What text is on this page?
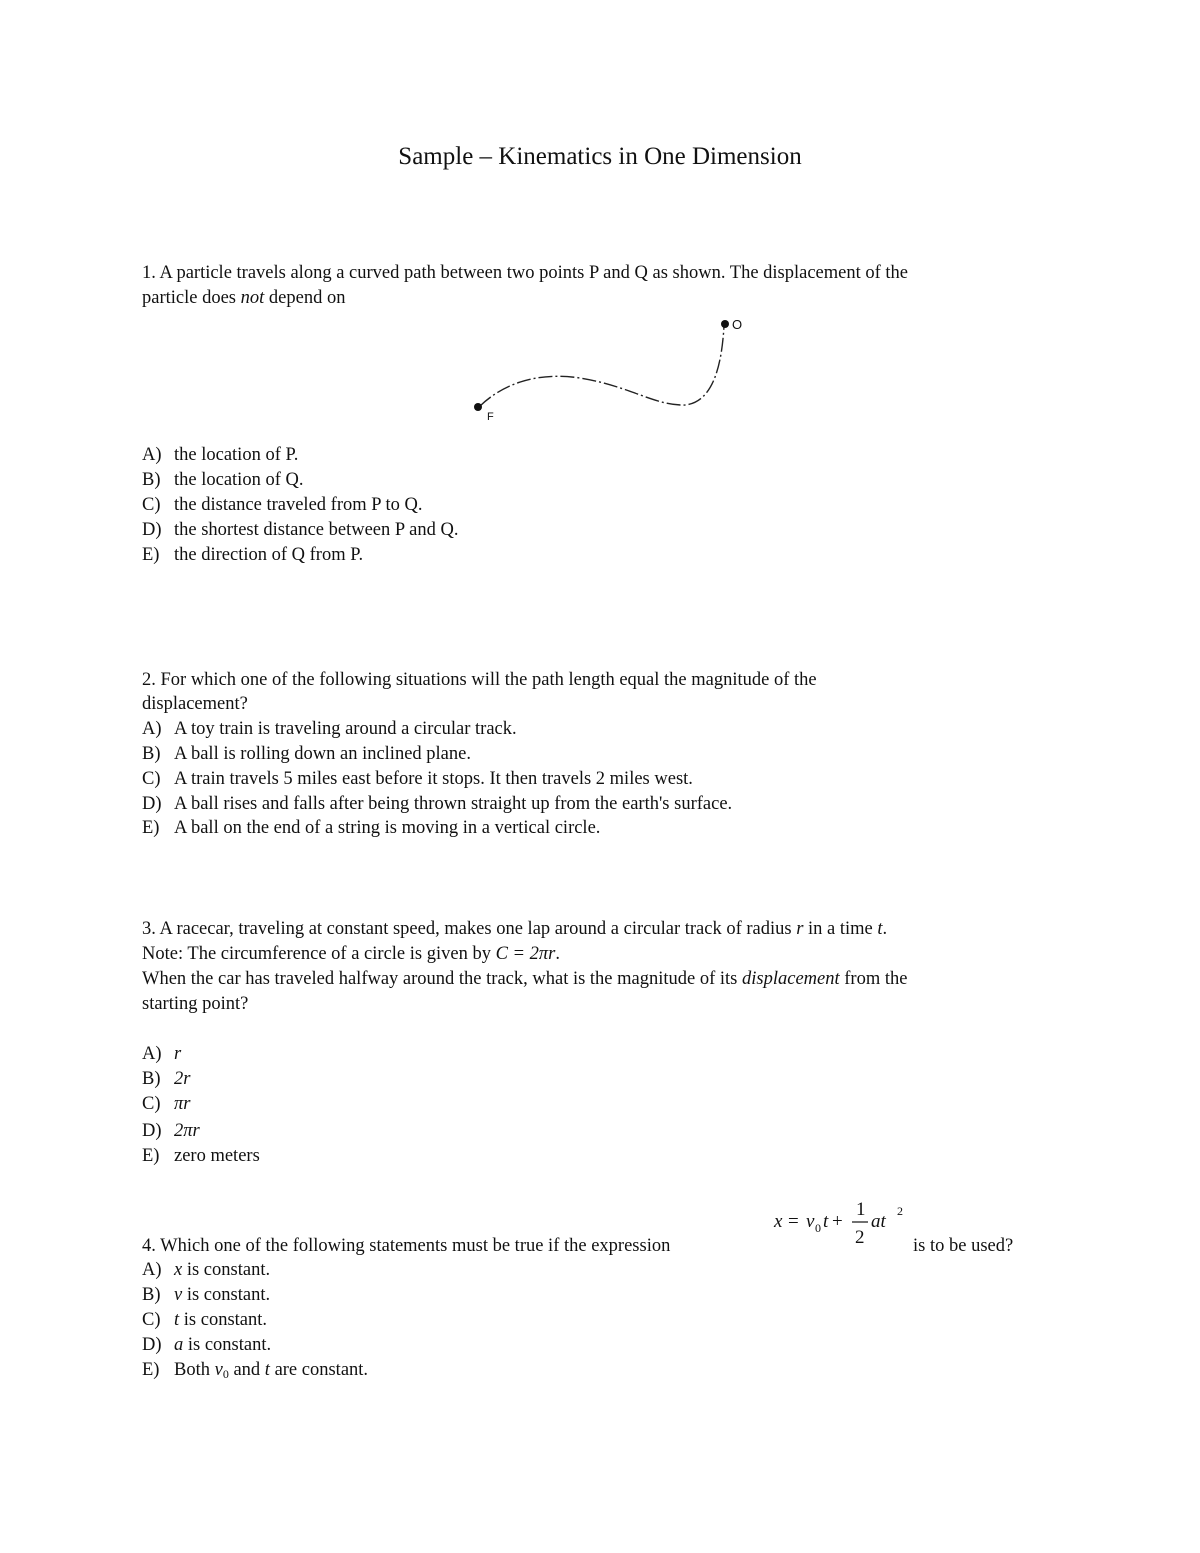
Sample – Kinematics in One Dimension
1. A particle travels along a curved path between two points P and Q as shown. The displacement of the
particle does not depend on
O
F
A) the location of P.
B) the location of Q.
C) the distance traveled from P to Q.
D) the shortest distance between P and Q.
E) the direction of Q from P.
2. For which one of the following situations will the path length equal the magnitude of the
displacement?
A) A toy train is traveling around a circular track.
B) A ball is rolling down an inclined plane.
C) A train travels 5 miles east before it stops. It then travels 2 miles west.
D) A ball rises and falls after being thrown straight up from the earth's surface.
E) A ball on the end of a string is moving in a vertical circle.
3. A racecar, traveling at constant speed, makes one lap around a circular track of radius r in a time t.
Note: The circumference of a circle is given by C = 2πr.
When the car has traveled halfway around the track, what is the magnitude of its displacement from the
starting point?
A) r
B) 2r
C) πr
D) 2πr
E) zero meters
x = v 0 t +
1
2
at 2
4. Which one of the following statements must be true if the expression	is to be used?
A) x is constant.
B) v is constant.
C) t is constant.
D) a is constant.
E) Both $v_0$ and t are constant.
